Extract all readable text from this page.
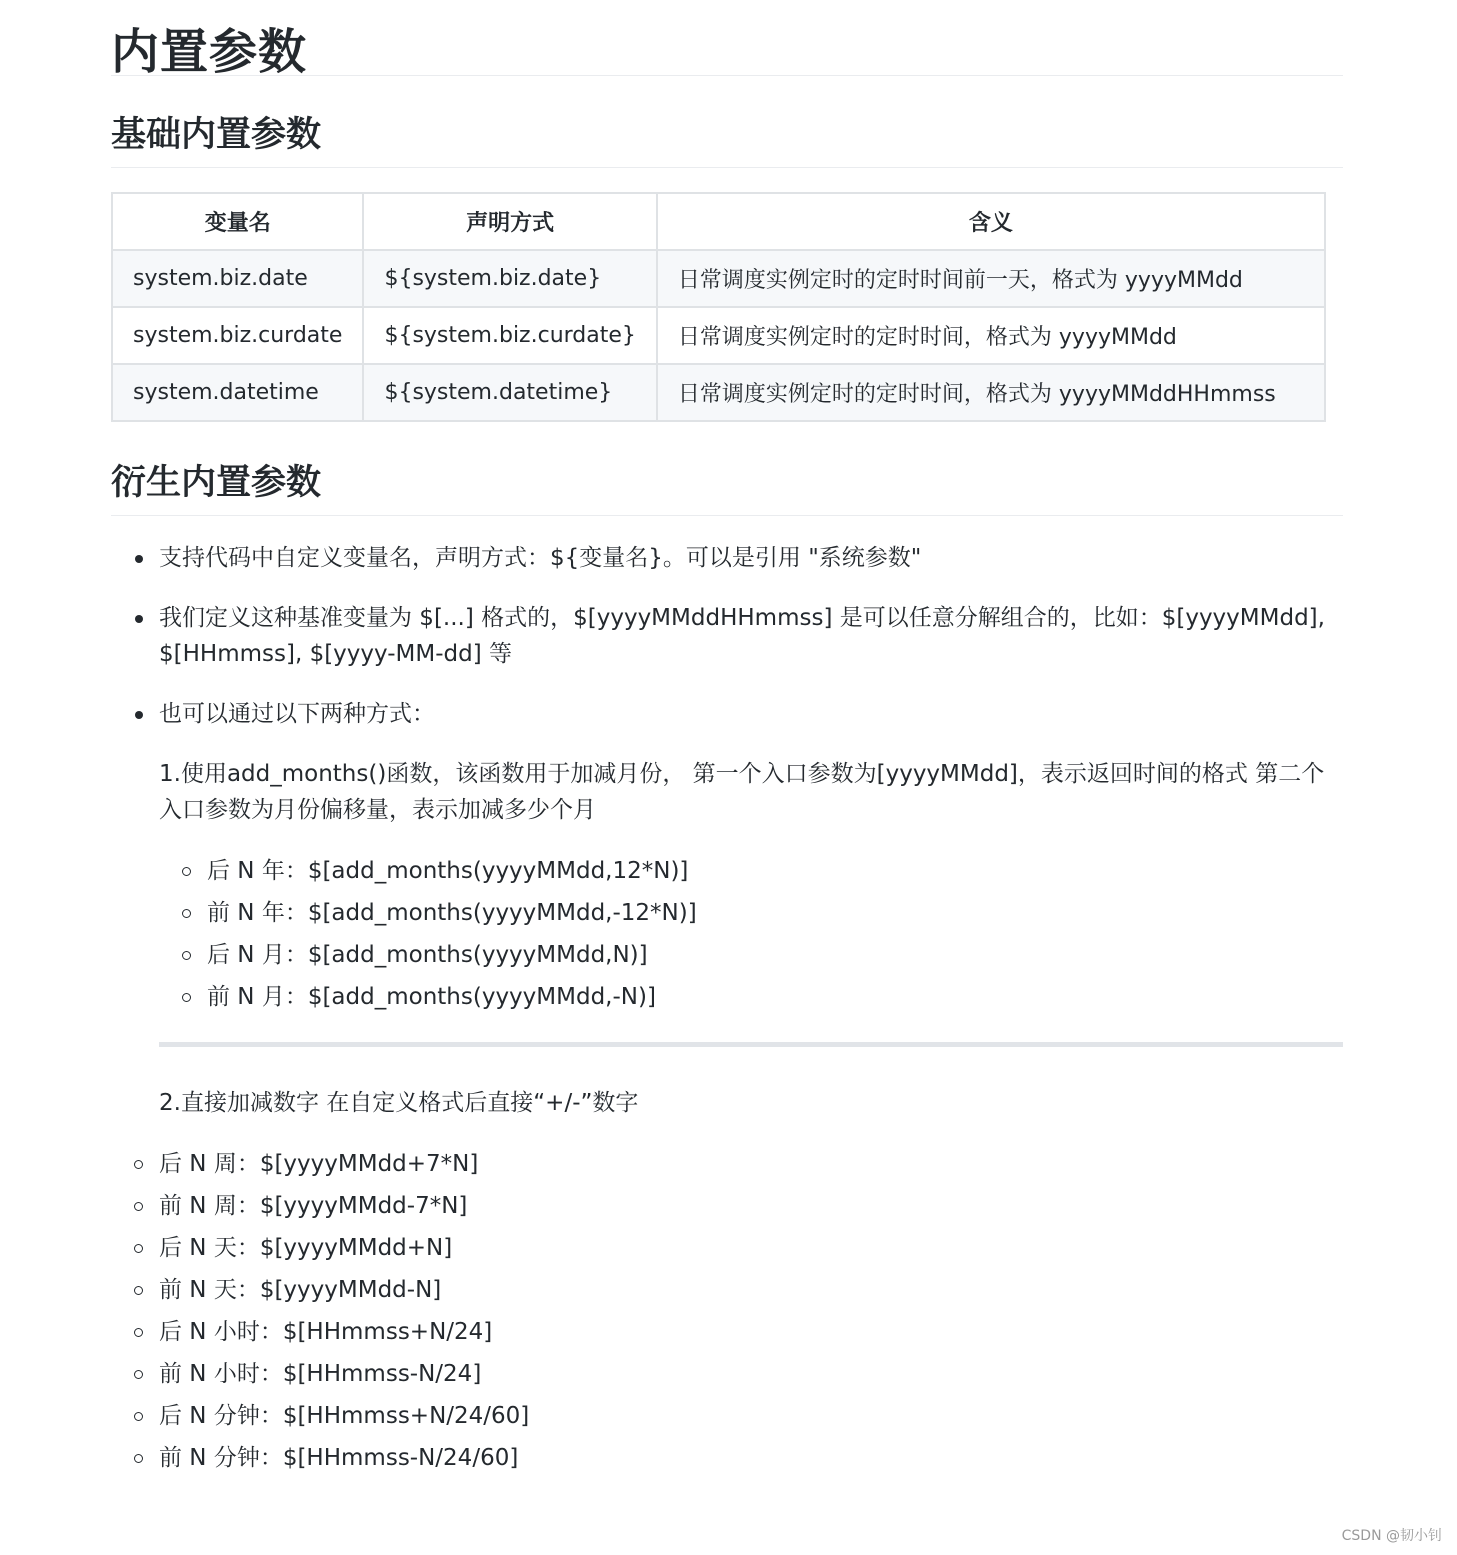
内置参数
基础内置参数
变量名	声明方式	含义
system.biz.date	${system.biz.date}	日常调度实例定时的定时时间前一天，格式为 yyyyMMdd
system.biz.curdate	${system.biz.curdate}	日常调度实例定时的定时时间，格式为 yyyyMMdd
system.datetime	${system.datetime}	日常调度实例定时的定时时间，格式为 yyyyMMddHHmmss
衍生内置参数

支持代码中自定义变量名，声明方式：${变量名}。可以是引用 "系统参数"

我们定义这种基准变量为 $[...] 格式的，$[yyyyMMddHHmmss] 是可以任意分解组合的，比如：$[yyyyMMdd], $[HHmmss], $[yyyy-MM-dd] 等

也可以通过以下两种方式：

1.使用add_months()函数，该函数用于加减月份， 第一个入口参数为[yyyyMMdd]，表示返回时间的格式 第二个入口参数为月份偏移量，表示加减多少个月

后 N 年：$[add_months(yyyyMMdd,12*N)]
前 N 年：$[add_months(yyyyMMdd,-12*N)]
后 N 月：$[add_months(yyyyMMdd,N)]
前 N 月：$[add_months(yyyyMMdd,-N)]

2.直接加减数字 在自定义格式后直接“+/-”数字

后 N 周：$[yyyyMMdd+7*N]
前 N 周：$[yyyyMMdd-7*N]
后 N 天：$[yyyyMMdd+N]
前 N 天：$[yyyyMMdd-N]
后 N 小时：$[HHmmss+N/24]
前 N 小时：$[HHmmss-N/24]
后 N 分钟：$[HHmmss+N/24/60]
前 N 分钟：$[HHmmss-N/24/60]
CSDN @韧小钊
